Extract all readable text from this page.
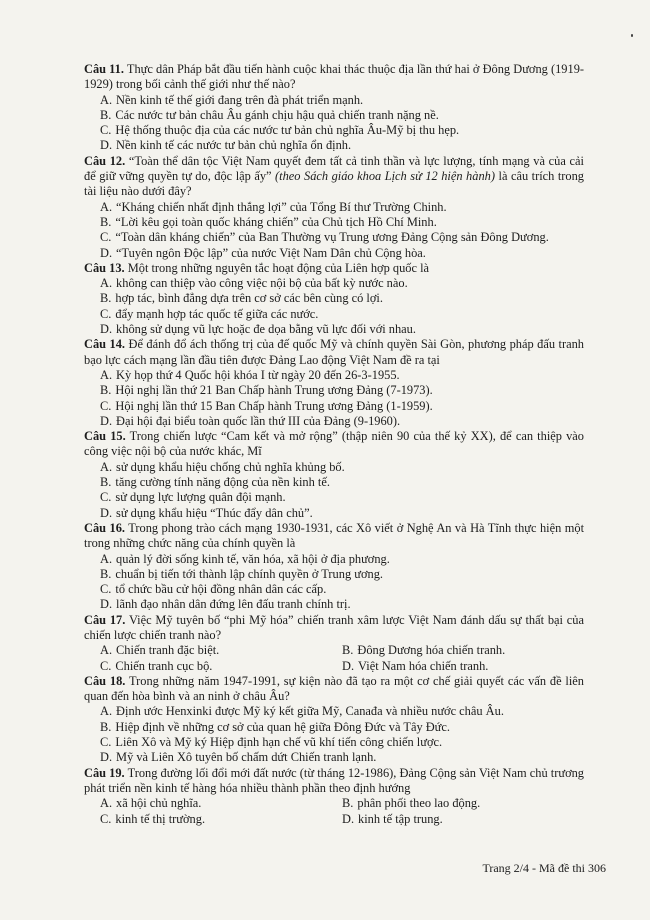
Câu 11. Thực dân Pháp bắt đầu tiến hành cuộc khai thác thuộc địa lần thứ hai ở Đông Dương (1919-1929) trong bối cảnh thế giới như thế nào?

A. Nền kinh tế thế giới đang trên đà phát triển mạnh.
B. Các nước tư bản châu Âu gánh chịu hậu quả chiến tranh nặng nề.
C. Hệ thống thuộc địa của các nước tư bản chủ nghĩa Âu-Mỹ bị thu hẹp.
D. Nền kinh tế các nước tư bản chủ nghĩa ổn định.

Câu 12. “Toàn thể dân tộc Việt Nam quyết đem tất cả tinh thần và lực lượng, tính mạng và của cải để giữ vững quyền tự do, độc lập ấy” (theo Sách giáo khoa Lịch sử 12 hiện hành) là câu trích trong tài liệu nào dưới đây?

A. “Kháng chiến nhất định thắng lợi” của Tổng Bí thư Trường Chinh.
B. “Lời kêu gọi toàn quốc kháng chiến” của Chủ tịch Hồ Chí Minh.
C. “Toàn dân kháng chiến” của Ban Thường vụ Trung ương Đảng Cộng sản Đông Dương.
D. “Tuyên ngôn Độc lập” của nước Việt Nam Dân chủ Cộng hòa.

Câu 13. Một trong những nguyên tắc hoạt động của Liên hợp quốc là

A. không can thiệp vào công việc nội bộ của bất kỳ nước nào.
B. hợp tác, bình đẳng dựa trên cơ sở các bên cùng có lợi.
C. đẩy mạnh hợp tác quốc tế giữa các nước.
D. không sử dụng vũ lực hoặc đe dọa bằng vũ lực đối với nhau.

Câu 14. Để đánh đổ ách thống trị của đế quốc Mỹ và chính quyền Sài Gòn, phương pháp đấu tranh bạo lực cách mạng lần đầu tiên được Đảng Lao động Việt Nam đề ra tại

A. Kỳ họp thứ 4 Quốc hội khóa I từ ngày 20 đến 26-3-1955.
B. Hội nghị lần thứ 21 Ban Chấp hành Trung ương Đảng (7-1973).
C. Hội nghị lần thứ 15 Ban Chấp hành Trung ương Đảng (1-1959).
D. Đại hội đại biểu toàn quốc lần thứ III của Đảng (9-1960).

Câu 15. Trong chiến lược “Cam kết và mở rộng” (thập niên 90 của thế kỷ XX), để can thiệp vào công việc nội bộ của nước khác, Mĩ

A. sử dụng khẩu hiệu chống chủ nghĩa khủng bố.
B. tăng cường tính năng động của nền kinh tế.
C. sử dụng lực lượng quân đội mạnh.
D. sử dụng khẩu hiệu “Thúc đẩy dân chủ”.

Câu 16. Trong phong trào cách mạng 1930-1931, các Xô viết ở Nghệ An và Hà Tĩnh thực hiện một trong những chức năng của chính quyền là

A. quản lý đời sống kinh tế, văn hóa, xã hội ở địa phương.
B. chuẩn bị tiến tới thành lập chính quyền ở Trung ương.
C. tổ chức bầu cử hội đồng nhân dân các cấp.
D. lãnh đạo nhân dân đứng lên đấu tranh chính trị.

Câu 17. Việc Mỹ tuyên bố “phi Mỹ hóa” chiến tranh xâm lược Việt Nam đánh dấu sự thất bại của chiến lược chiến tranh nào?

A. Chiến tranh đặc biệt.	B. Đông Dương hóa chiến tranh.
C. Chiến tranh cục bộ.	D. Việt Nam hóa chiến tranh.

Câu 18. Trong những năm 1947-1991, sự kiện nào đã tạo ra một cơ chế giải quyết các vấn đề liên quan đến hòa bình và an ninh ở châu Âu?

A. Định ước Henxinki được Mỹ ký kết giữa Mỹ, Canađa và nhiều nước châu Âu.
B. Hiệp định về những cơ sở của quan hệ giữa Đông Đức và Tây Đức.
C. Liên Xô và Mỹ ký Hiệp định hạn chế vũ khí tiến công chiến lược.
D. Mỹ và Liên Xô tuyên bố chấm dứt Chiến tranh lạnh.

Câu 19. Trong đường lối đổi mới đất nước (từ tháng 12-1986), Đảng Cộng sản Việt Nam chủ trương phát triển nền kinh tế hàng hóa nhiều thành phần theo định hướng

A. xã hội chủ nghĩa.	B. phân phối theo lao động.
C. kinh tế thị trường.	D. kinh tế tập trung.
Trang 2/4 - Mã đề thi 306
